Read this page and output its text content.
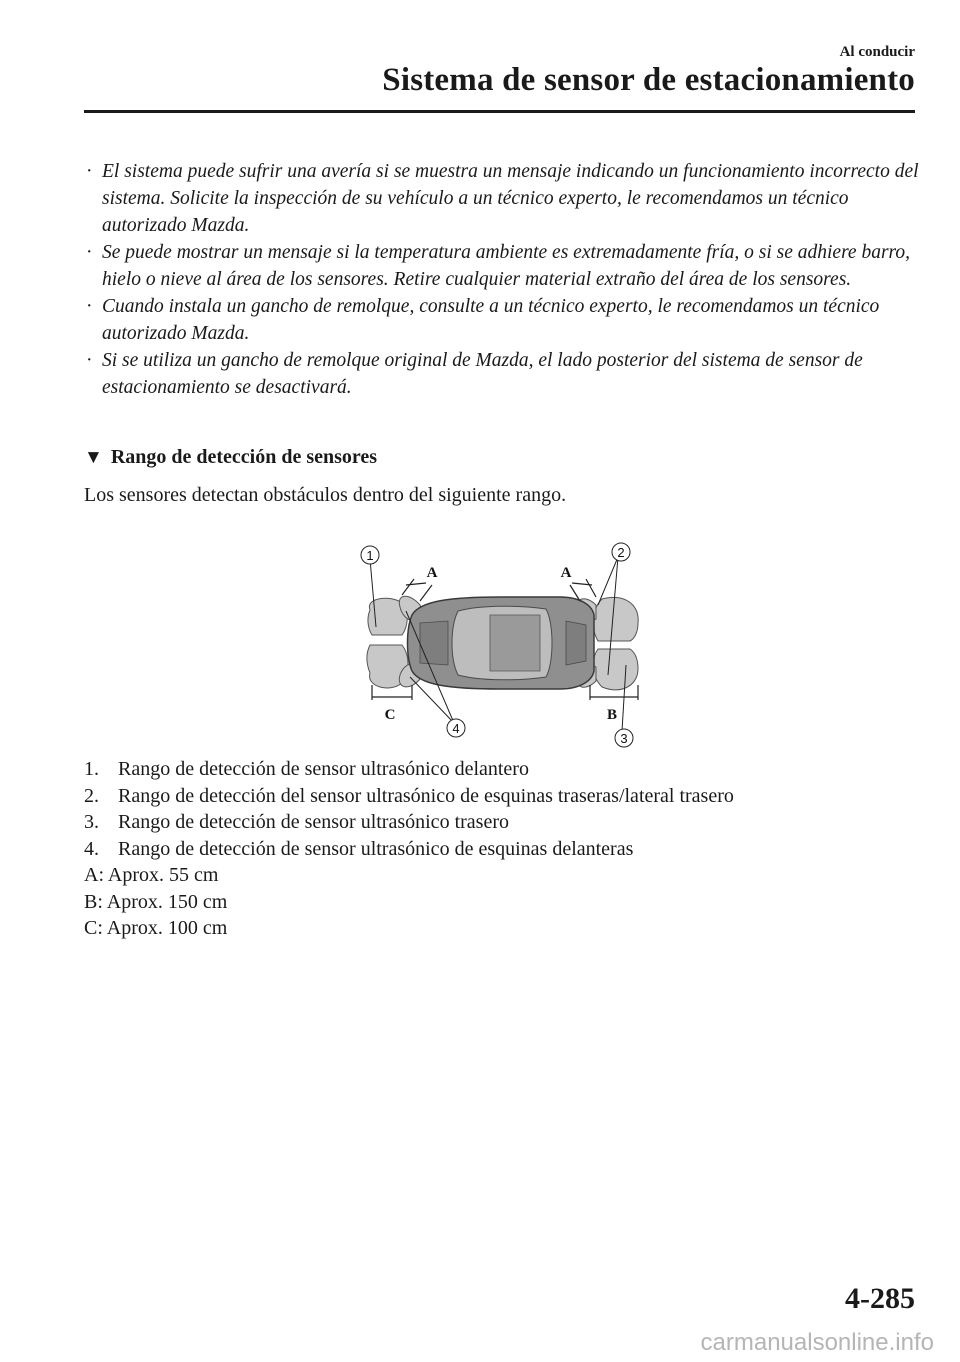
Al conducir
Sistema de sensor de estacionamiento
· El sistema puede sufrir una avería si se muestra un mensaje indicando un funcionamiento incorrecto del sistema. Solicite la inspección de su vehículo a un técnico experto, le recomendamos un técnico autorizado Mazda.
· Se puede mostrar un mensaje si la temperatura ambiente es extremadamente fría, o si se adhiere barro, hielo o nieve al área de los sensores. Retire cualquier material extraño del área de los sensores.
· Cuando instala un gancho de remolque, consulte a un técnico experto, le recomendamos un técnico autorizado Mazda.
· Si se utiliza un gancho de remolque original de Mazda, el lado posterior del sistema de sensor de estacionamiento se desactivará.
▼ Rango de detección de sensores
Los sensores detectan obstáculos dentro del siguiente rango.
1	2
3
4
A	A
B
C
1. Rango de detección de sensor ultrasónico delantero
2. Rango de detección del sensor ultrasónico de esquinas traseras/lateral trasero
3. Rango de detección de sensor ultrasónico trasero
4. Rango de detección de sensor ultrasónico de esquinas delanteras
A: Aprox. 55 cm
B: Aprox. 150 cm
C: Aprox. 100 cm
4-285
carmanualsonline.info
